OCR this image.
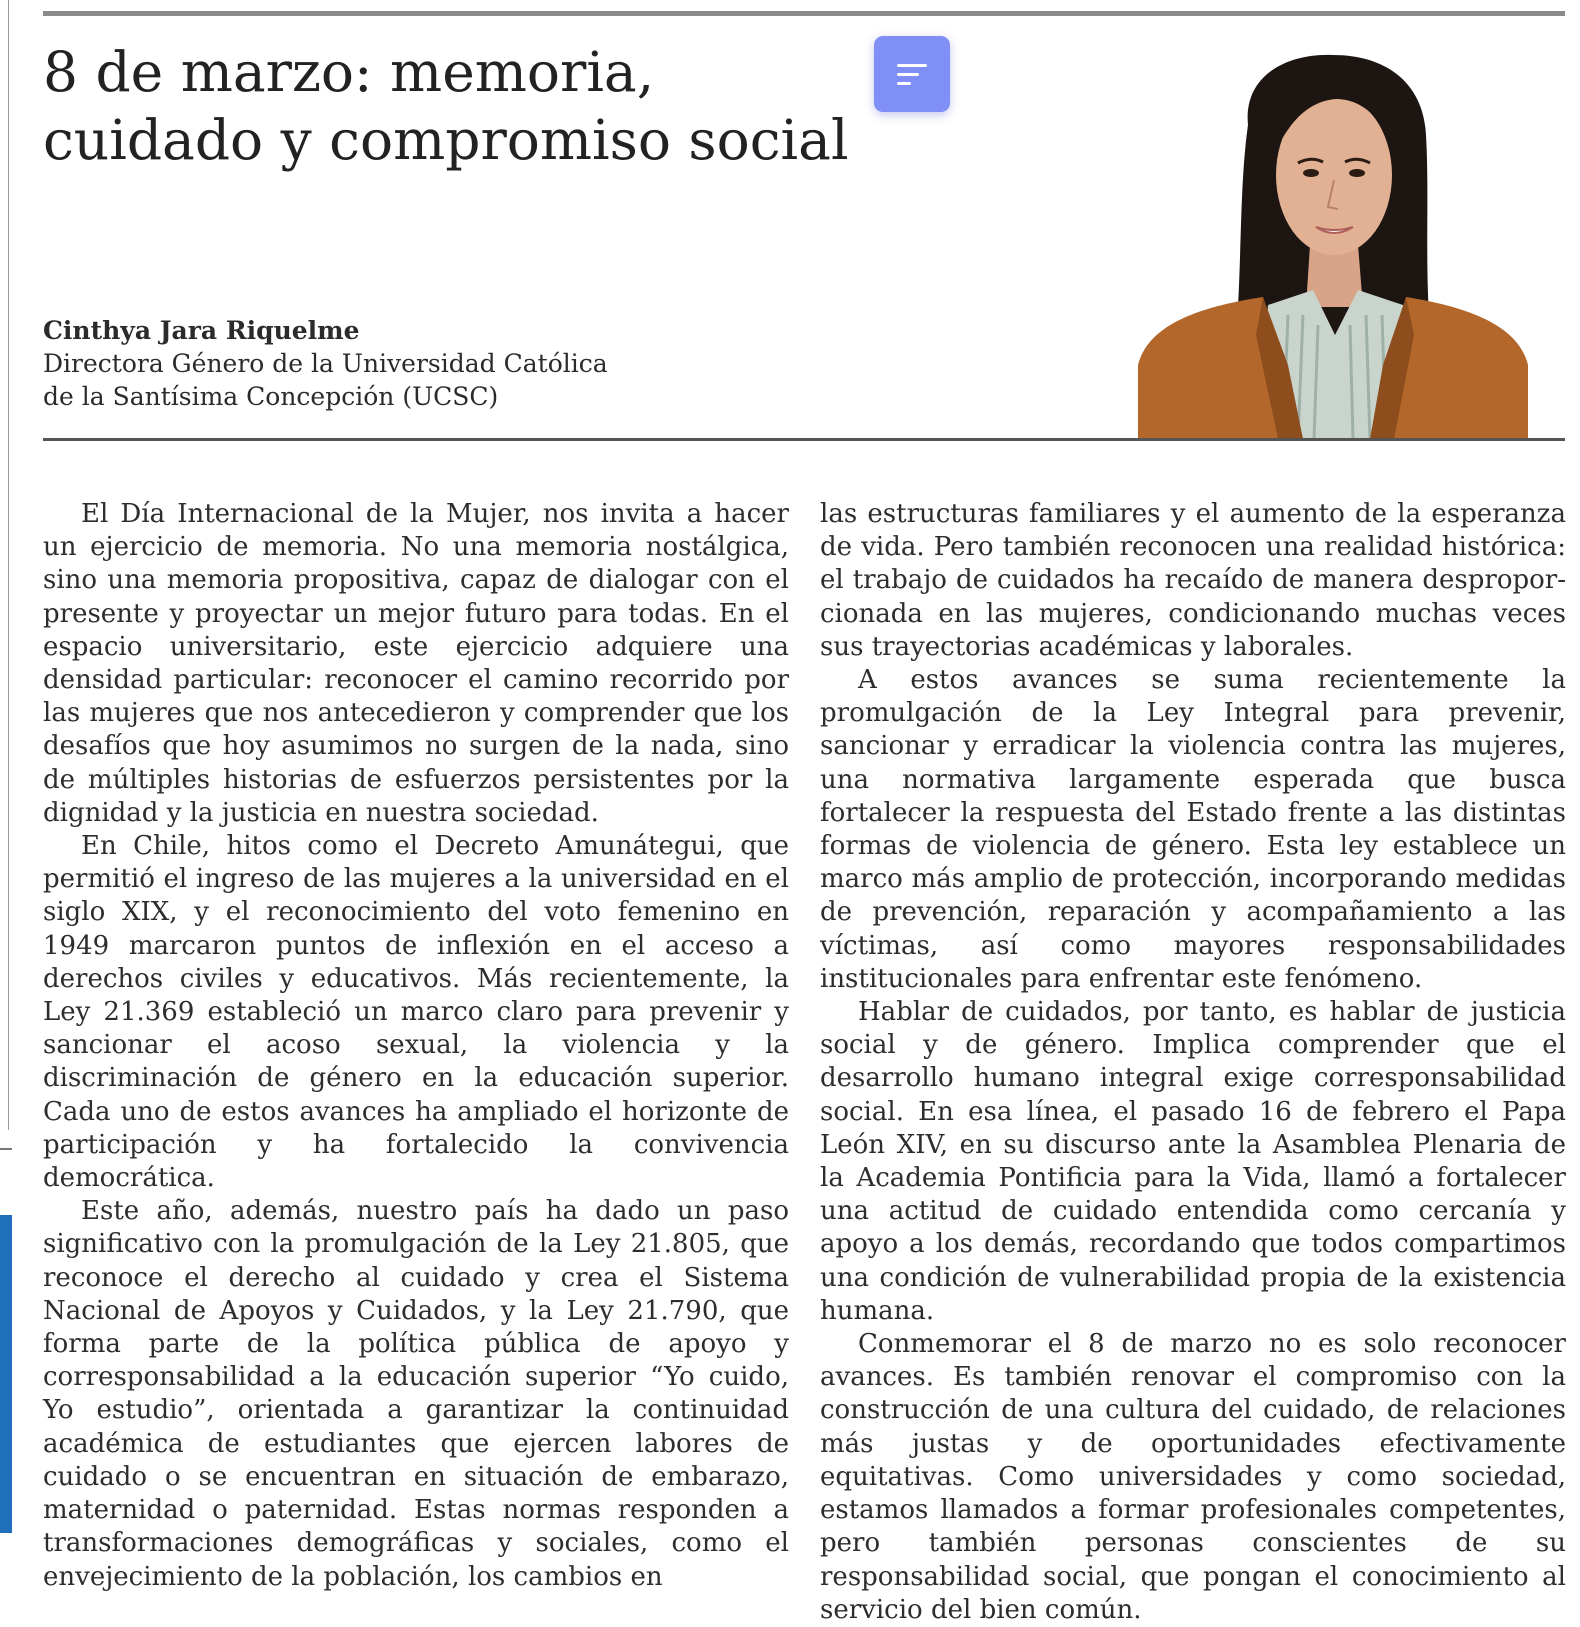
8 de marzo: memoria, cuidado y compromiso social
Cinthya Jara Riquelme
Directora Género de la Universidad Católica
de la Santísima Concepción (UCSC)

El Día Internacional de la Mujer, nos invita a hacer un ejercicio de memoria. No una memoria nostálgica, sino una memoria propositiva, capaz de dialogar con el presente y proyectar un mejor futuro para todas. En el espacio universitario, este ejercicio adquiere una densidad particular: reconocer el camino recorrido por las mujeres que nos antecedieron y comprender que los desafíos que hoy asumimos no surgen de la nada, sino de múltiples historias de esfuerzos persistentes por la dignidad y la justicia en nuestra sociedad.

En Chile, hitos como el Decreto Amunátegui, que permitió el ingreso de las mujeres a la universidad en el siglo XIX, y el reconocimiento del voto femenino en 1949 marcaron puntos de inflexión en el acceso a derechos civiles y educativos. Más recientemente, la Ley 21.369 estableció un marco claro para prevenir y sancionar el acoso sexual, la violencia y la discriminación de género en la educación superior. Cada uno de estos avances ha ampliado el horizonte de participación y ha fortalecido la convivencia democrática.

Este año, además, nuestro país ha dado un paso significativo con la promulgación de la Ley 21.805, que reconoce el derecho al cuidado y crea el Sistema Nacional de Apoyos y Cuidados, y la Ley 21.790, que forma parte de la política pública de apoyo y corresponsabilidad a la educación superior “Yo cuido, Yo estudio”, orientada a garantizar la continuidad académica de estudiantes que ejercen labores de cuidado o se encuentran en situación de embarazo, maternidad o paternidad. Estas normas responden a transformaciones demográficas y sociales, como el envejecimiento de la población, los cambios en

las estructuras familiares y el aumento de la esperanza de vida. Pero también reconocen una realidad histórica: el trabajo de cuidados ha recaído de manera desproporcionada en las mujeres, condicionando muchas veces sus trayectorias académicas y laborales.

A estos avances se suma recientemente la promulgación de la Ley Integral para prevenir, sancionar y erradicar la violencia contra las mujeres, una normativa largamente esperada que busca fortalecer la respuesta del Estado frente a las distintas formas de violencia de género. Esta ley establece un marco más amplio de protección, incorporando medidas de prevención, reparación y acompañamiento a las víctimas, así como mayores responsabilidades institucionales para enfrentar este fenómeno.

Hablar de cuidados, por tanto, es hablar de justicia social y de género. Implica comprender que el desarrollo humano integral exige corresponsabilidad social. En esa línea, el pasado 16 de febrero el Papa León XIV, en su discurso ante la Asamblea Plenaria de la Academia Pontificia para la Vida, llamó a fortalecer una actitud de cuidado entendida como cercanía y apoyo a los demás, recordando que todos compartimos una condición de vulnerabilidad propia de la existencia humana.

Conmemorar el 8 de marzo no es solo reconocer avances. Es también renovar el compromiso con la construcción de una cultura del cuidado, de relaciones más justas y de oportunidades efectivamente equitativas. Como universidades y como sociedad, estamos llamados a formar profesionales competentes, pero también personas conscientes de su responsabilidad social, que pongan el conocimiento al servicio del bien común.
